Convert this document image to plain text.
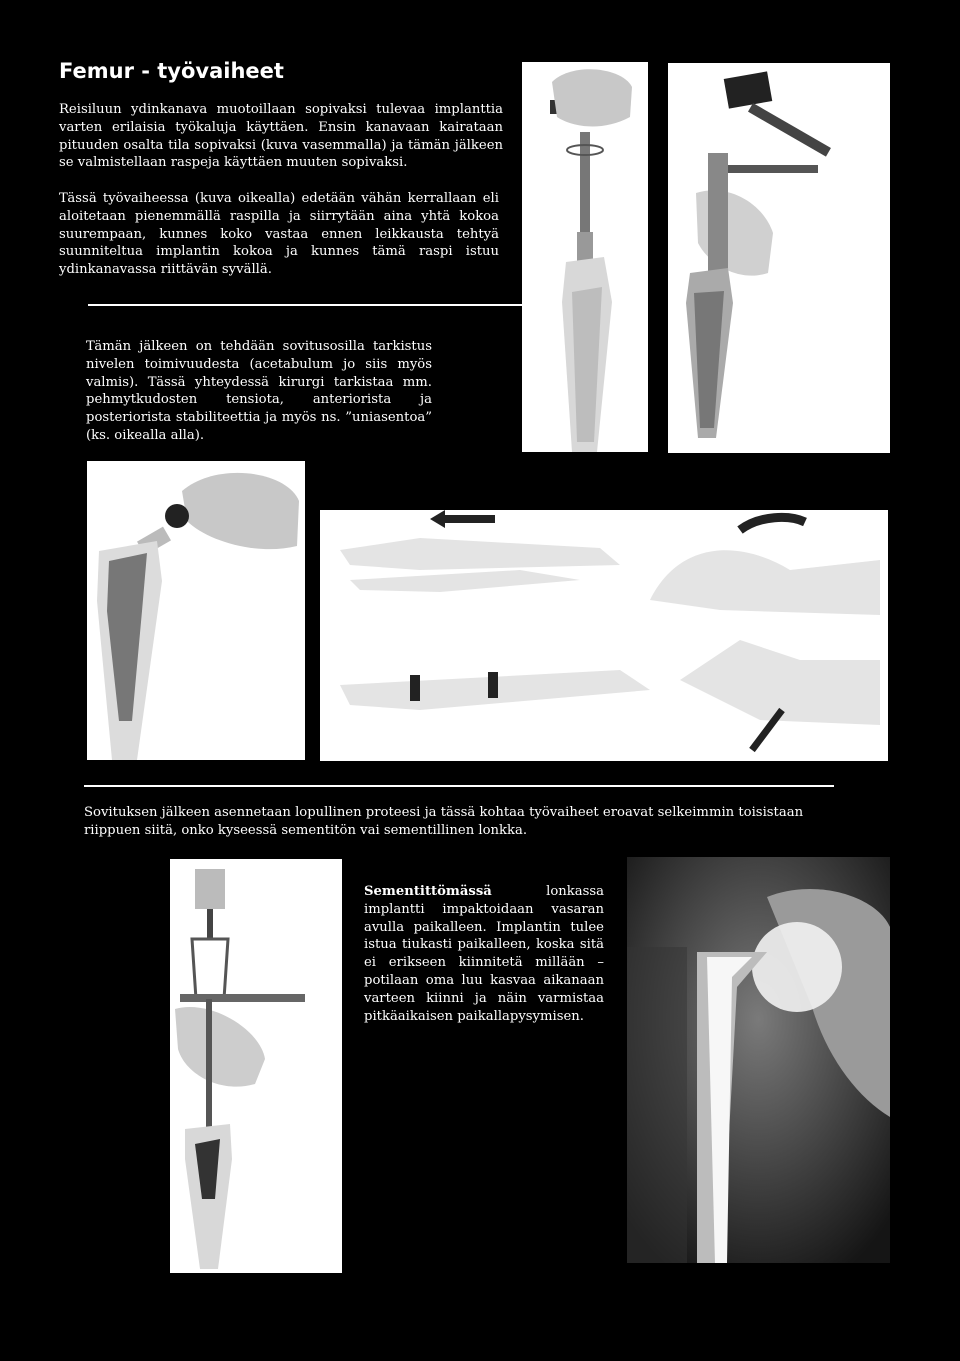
Femur - työvaiheet
Reisiluun ydinkanava muotoillaan sopivaksi tulevaa implanttia varten erilaisia työkaluja käyttäen. Ensin kanavaan kairataan pituuden osalta tila sopivaksi (kuva vasemmalla) ja tämän jälkeen se valmistellaan raspeja käyttäen muuten sopivaksi.
Tässä työvaiheessa (kuva oikealla) edetään vähän kerrallaan eli aloitetaan pienemmällä raspilla ja siirrytään aina yhtä kokoa suurempaan, kunnes koko vastaa ennen leikkausta tehtyä suunniteltua implantin kokoa ja kunnes tämä raspi istuu ydinkanavassa riittävän syvällä.
Tämän jälkeen on tehdään sovitusosilla tarkistus nivelen toimivuudesta (acetabulum jo siis myös valmis). Tässä yhteydessä kirurgi tarkistaa mm. pehmytkudosten tensiota, anteriorista ja posteriorista stabiliteettia ja myös ns. ”uniasentoa” (ks. oikealla alla).
Sovituksen jälkeen asennetaan lopullinen proteesi ja tässä kohtaa työvaiheet eroavat selkeimmin toisistaan riippuen siitä, onko kyseessä sementitön vai sementillinen lonkka.
Sementittömässä lonkassa implantti impaktoidaan vasaran avulla paikalleen. Implantin tulee istua tiukasti paikalleen, koska sitä ei erikseen kiinnitetä millään – potilaan oma luu kasvaa aikanaan varteen kiinni ja näin varmistaa pitkäaikaisen paikallapysymisen.
